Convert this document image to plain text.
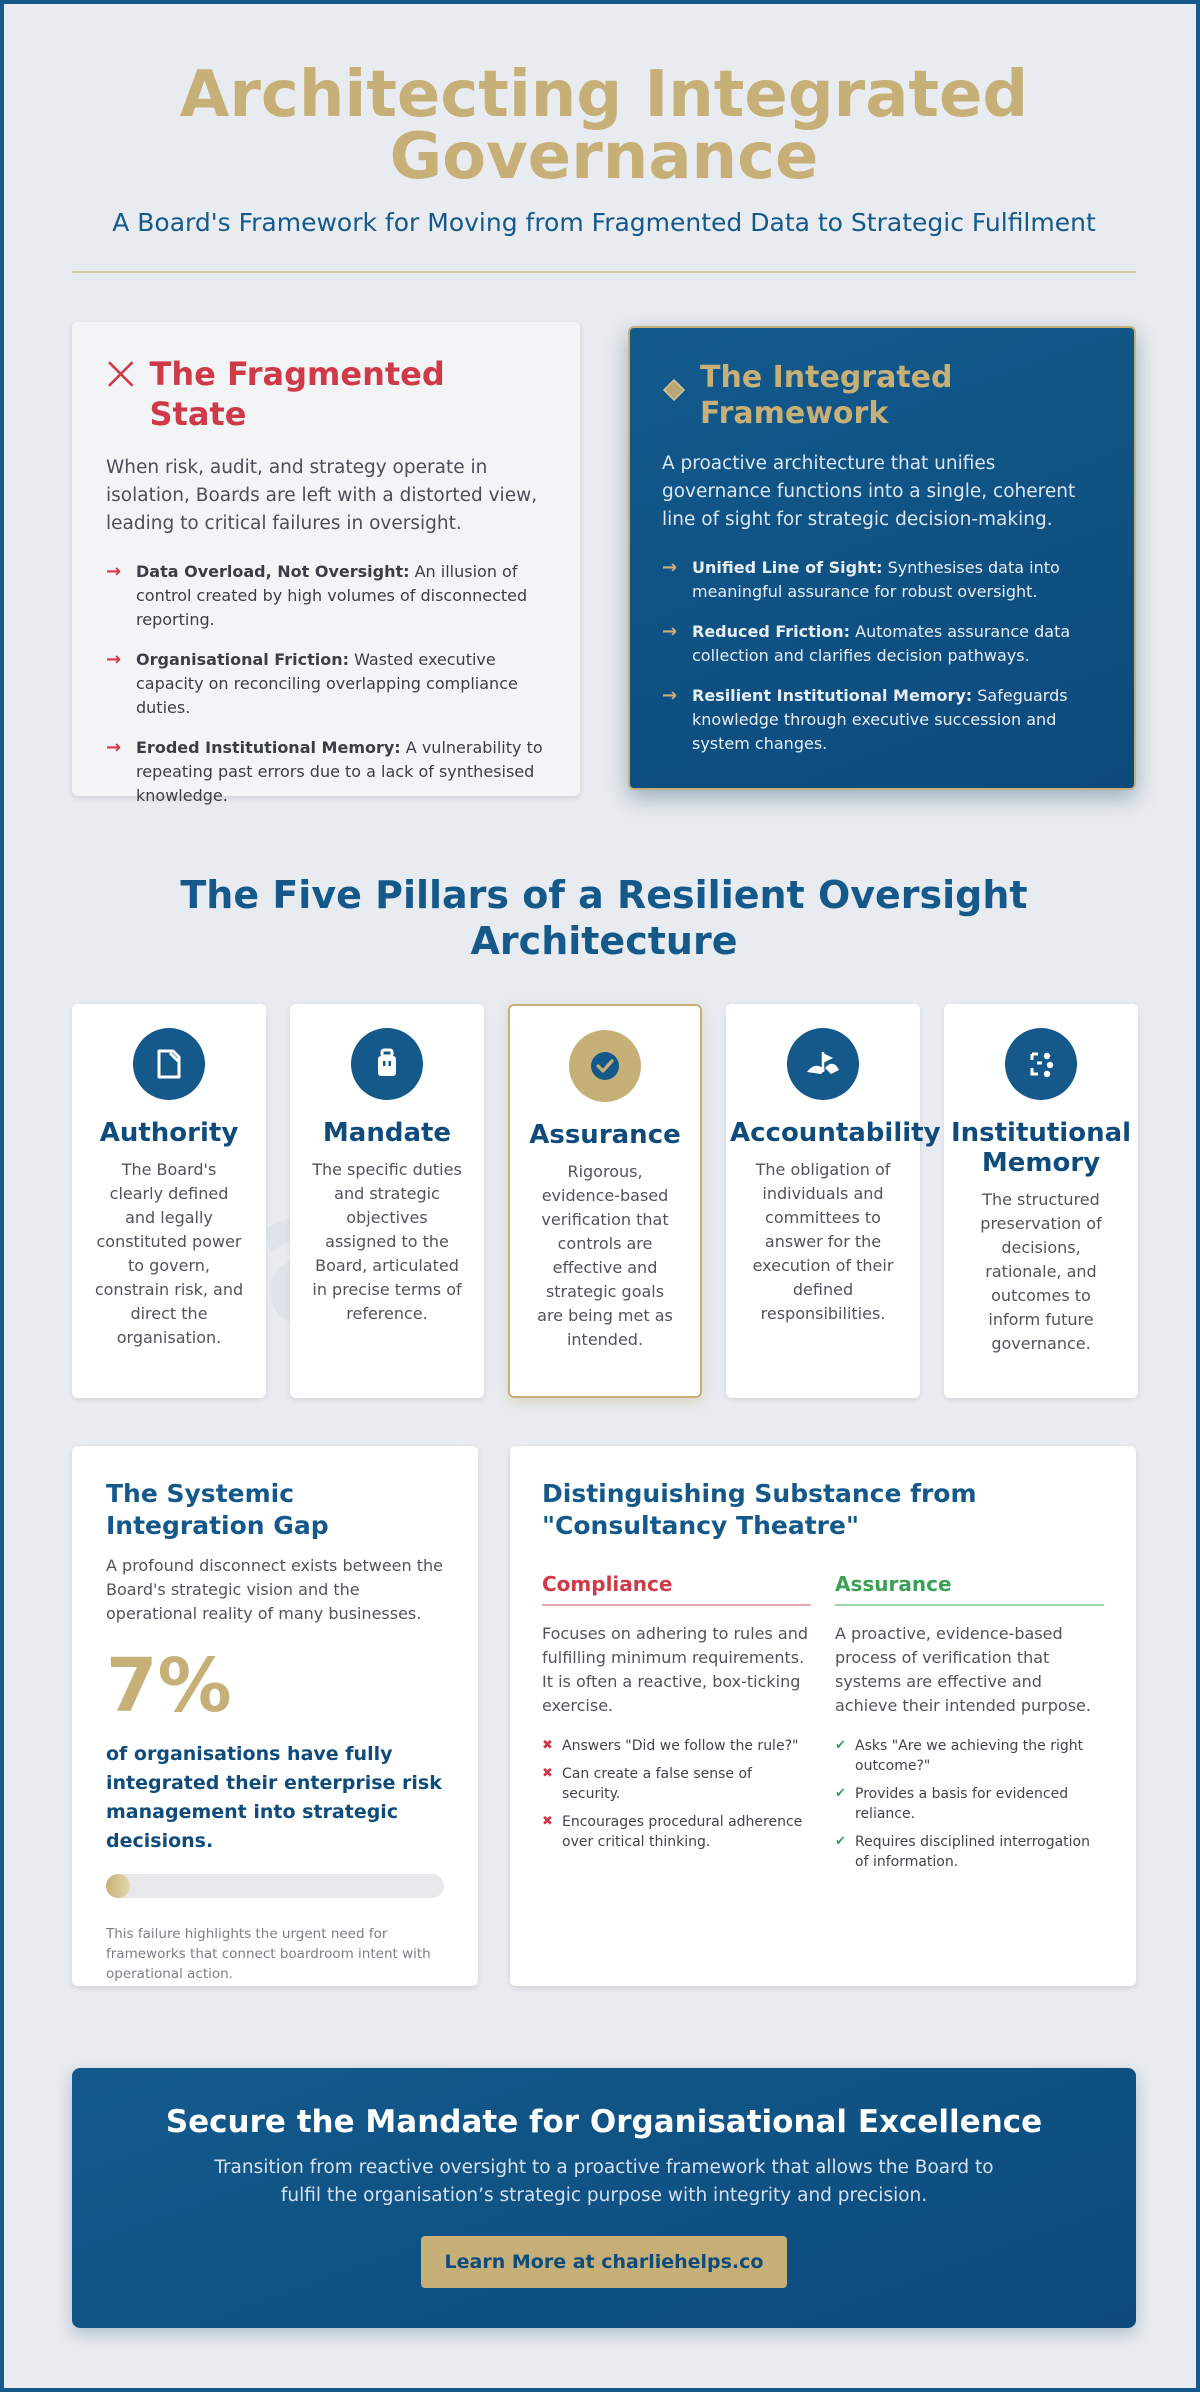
Architecting Integrated Governance
A Board's Framework for Moving from Fragmented Data to Strategic Fulfilment
The Fragmented State
When risk, audit, and strategy operate in isolation, Boards are left with a distorted view, leading to critical failures in oversight.
→ Data Overload, Not Oversight: An illusion of control created by high volumes of disconnected reporting.
→ Organisational Friction: Wasted executive capacity on reconciling overlapping compliance duties.
→ Eroded Institutional Memory: A vulnerability to repeating past errors due to a lack of synthesised knowledge.
The Integrated Framework
A proactive architecture that unifies governance functions into a single, coherent line of sight for strategic decision-making.
→ Unified Line of Sight: Synthesises data into meaningful assurance for robust oversight.
→ Reduced Friction: Automates assurance data collection and clarifies decision pathways.
→ Resilient Institutional Memory: Safeguards knowledge through executive succession and system changes.
The Five Pillars of a Resilient Oversight Architecture
Authority

The Board's clearly defined and legally constituted power to govern, constrain risk, and direct the organisation.

Mandate

The specific duties and strategic objectives assigned to the Board, articulated in precise terms of reference.

Assurance

Rigorous, evidence-based verification that controls are effective and strategic goals are being met as intended.

Accountability

The obligation of individuals and committees to answer for the execution of their defined responsibilities.

Institutional Memory

The structured preservation of decisions, rationale, and outcomes to inform future governance.

The Systemic Integration Gap
A profound disconnect exists between the Board's strategic vision and the operational reality of many businesses.
7%
of organisations have fully integrated their enterprise risk management into strategic decisions.
This failure highlights the urgent need for frameworks that connect boardroom intent with operational action.
Distinguishing Substance from "Consultancy Theatre"
Compliance

Focuses on adhering to rules and fulfilling minimum requirements. It is often a reactive, box-ticking exercise.

✖ Answers "Did we follow the rule?"
✖ Can create a false sense of security.
✖ Encourages procedural adherence over critical thinking.
Assurance

A proactive, evidence-based process of verification that systems are effective and achieve their intended purpose.

✔ Asks "Are we achieving the right outcome?"
✔ Provides a basis for evidenced reliance.
✔ Requires disciplined interrogation of information.
Secure the Mandate for Organisational Excellence

Transition from reactive oversight to a proactive framework that allows the Board to fulfil the organisation’s strategic purpose with integrity and precision.

Learn More at charliehelps.co
